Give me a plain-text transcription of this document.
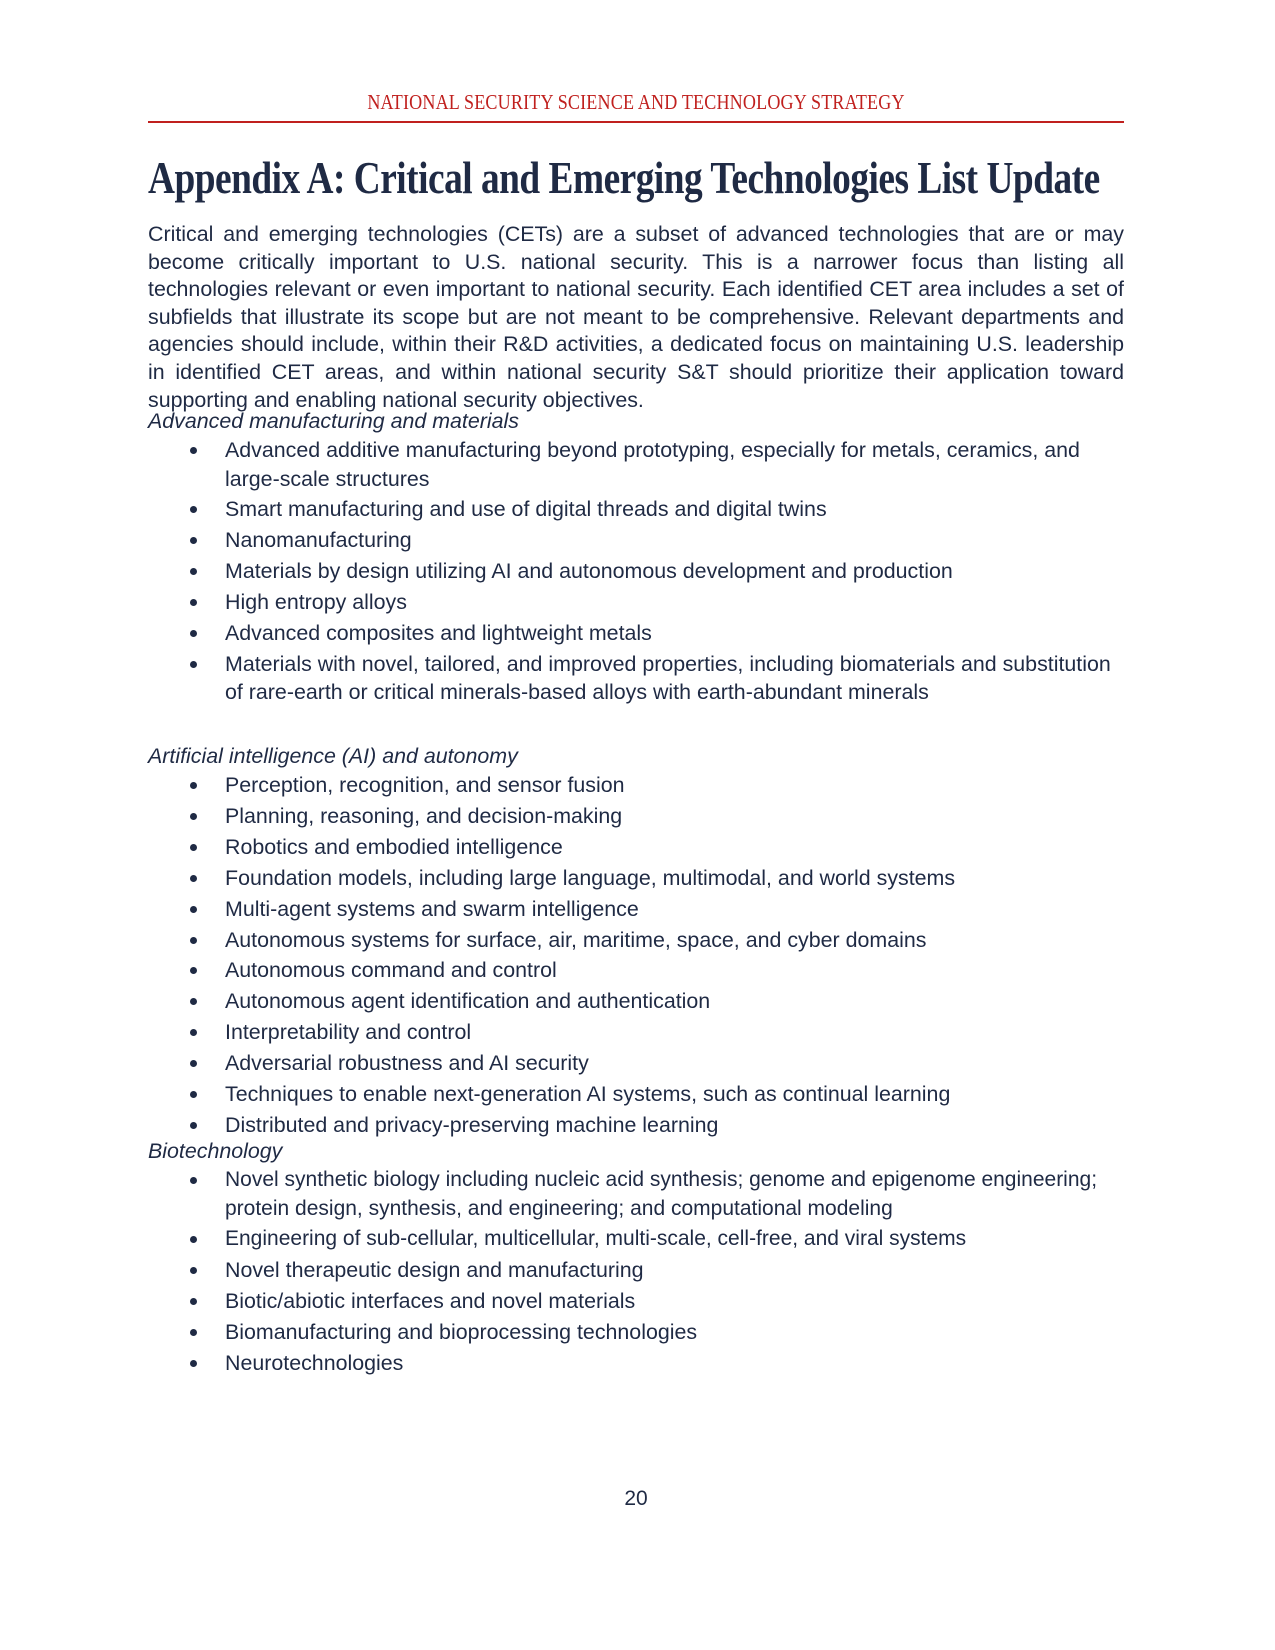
NATIONAL SECURITY SCIENCE AND TECHNOLOGY STRATEGY
Appendix A: Critical and Emerging Technologies List Update

Critical and emerging technologies (CETs) are a subset of advanced technologies that are or may become critically important to U.S. national security. This is a narrower focus than listing all technologies relevant or even important to national security. Each identified CET area includes a set of subfields that illustrate its scope but are not meant to be comprehensive. Relevant departments and agencies should include, within their R&D activities, a dedicated focus on maintaining U.S. leadership in identified CET areas, and within national security S&T should prioritize their application toward supporting and enabling national security objectives.

Advanced manufacturing and materials
Advanced additive manufacturing beyond prototyping, especially for metals, ceramics, and large-scale structures
Smart manufacturing and use of digital threads and digital twins
Nanomanufacturing
Materials by design utilizing AI and autonomous development and production
High entropy alloys
Advanced composites and lightweight metals
Materials with novel, tailored, and improved properties, including biomaterials and substitution of rare-earth or critical minerals-based alloys with earth-abundant minerals
Artificial intelligence (AI) and autonomy
Perception, recognition, and sensor fusion
Planning, reasoning, and decision-making
Robotics and embodied intelligence
Foundation models, including large language, multimodal, and world systems
Multi-agent systems and swarm intelligence
Autonomous systems for surface, air, maritime, space, and cyber domains
Autonomous command and control
Autonomous agent identification and authentication
Interpretability and control
Adversarial robustness and AI security
Techniques to enable next-generation AI systems, such as continual learning
Distributed and privacy-preserving machine learning
Biotechnology
Novel synthetic biology including nucleic acid synthesis; genome and epigenome engineering; protein design, synthesis, and engineering; and computational modeling
Engineering of sub-cellular, multicellular, multi-scale, cell-free, and viral systems
Novel therapeutic design and manufacturing
Biotic/abiotic interfaces and novel materials
Biomanufacturing and bioprocessing technologies
Neurotechnologies
20
